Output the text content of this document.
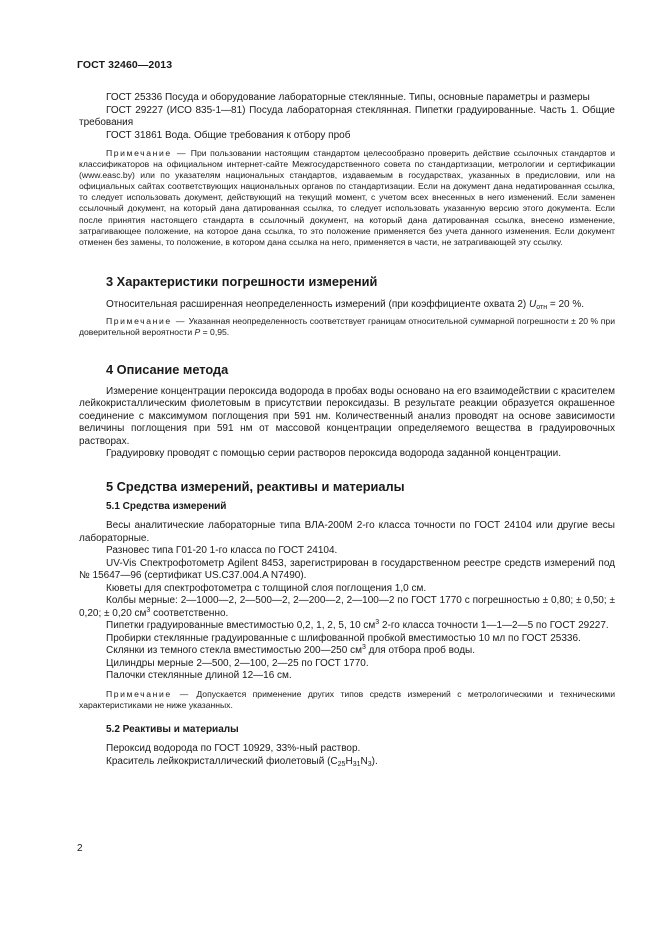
ГОСТ 32460—2013

ГОСТ 25336 Посуда и оборудование лабораторные стеклянные. Типы, основные параметры и размеры

ГОСТ 29227 (ИСО 835-1—81) Посуда лабораторная стеклянная. Пипетки градуированные. Часть 1. Общие требования

ГОСТ 31861 Вода. Общие требования к отбору проб

Примечание — При пользовании настоящим стандартом целесообразно проверить действие ссылочных стандартов и классификаторов на официальном интернет-сайте Межгосударственного совета по стандартизации, метрологии и сертификации (www.easc.by) или по указателям национальных стандартов, издаваемым в государствах, указанных в предисловии, или на официальных сайтах соответствующих национальных органов по стандартизации. Если на документ дана недатированная ссылка, то следует использовать документ, действующий на текущий момент, с учетом всех внесенных в него изменений. Если заменен ссылочный документ, на который дана датированная ссылка, то следует использовать указанную версию этого документа. Если после принятия настоящего стандарта в ссылочный документ, на который дана датированная ссылка, внесено изменение, затрагивающее положение, на которое дана ссылка, то это положение применяется без учета данного изменения. Если документ отменен без замены, то положение, в котором дана ссылка на него, применяется в части, не затрагивающей эту ссылку.

3 Характеристики погрешности измерений

Относительная расширенная неопределенность измерений (при коэффициенте охвата 2) $U_{отн} = 20$ %.

Примечание — Указанная неопределенность соответствует границам относительной суммарной погрешности ± 20 % при доверительной вероятности P = 0,95.

4 Описание метода

Измерение концентрации пероксида водорода в пробах воды основано на его взаимодействии с красителем лейкокристаллическим фиолетовым в присутствии пероксидазы. В результате реакции образуется окрашенное соединение с максимумом поглощения при 591 нм. Количественный анализ проводят на основе зависимости величины поглощения при 591 нм от массовой концентрации определяемого вещества в градуировочных растворах.

Градуировку проводят с помощью серии растворов пероксида водорода заданной концентрации.

5 Средства измерений, реактивы и материалы

5.1 Средства измерений

Весы аналитические лабораторные типа ВЛА-200М 2-го класса точности по ГОСТ 24104 или другие весы лабораторные.

Разновес типа Г01-20 1-го класса по ГОСТ 24104.

UV-Vis Спектрофотометр Agilent 8453, зарегистрирован в государственном реестре средств измерений под № 15647—96 (сертификат US.C37.004.A N7490).

Кюветы для спектрофотометра с толщиной слоя поглощения 1,0 см.

Колбы мерные: 2—1000—2, 2—500—2, 2—200—2, 2—100—2 по ГОСТ 1770 с погрешностью ± 0,80; ± 0,50; ± 0,20; ± 0,20 $см^3$ соответственно.

Пипетки градуированные вместимостью 0,2, 1, 2, 5, 10 $см^3$ 2-го класса точности 1—1—2—5 по ГОСТ 29227.

Пробирки стеклянные градуированные с шлифованной пробкой вместимостью 10 мл по ГОСТ 25336.

Склянки из темного стекла вместимостью 200—250 $см^3$ для отбора проб воды.

Цилиндры мерные 2—500, 2—100, 2—25 по ГОСТ 1770.

Палочки стеклянные длиной 12—16 см.

Примечание — Допускается применение других типов средств измерений с метрологическими и техническими характеристиками не ниже указанных.

5.2 Реактивы и материалы

Пероксид водорода по ГОСТ 10929, 33%-ный раствор.

Краситель лейкокристаллический фиолетовый $(C_{25}H_{31}N_3)$.

2
